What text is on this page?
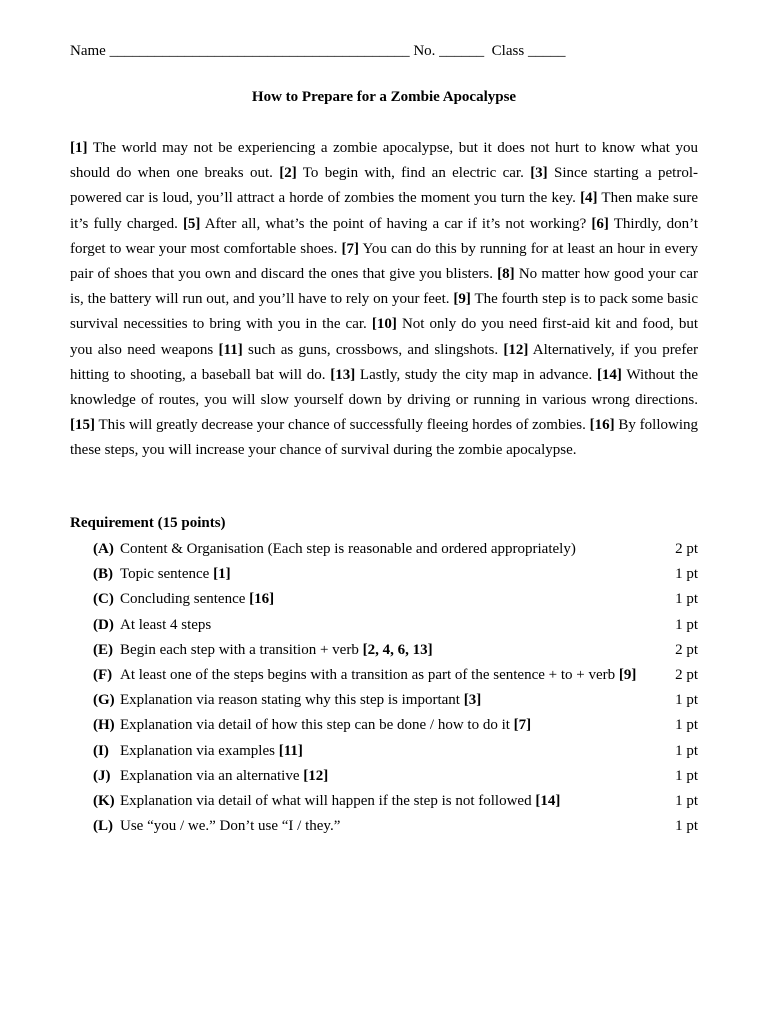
Name ________________________________________ No. ______ Class _____
How to Prepare for a Zombie Apocalypse

[1] The world may not be experiencing a zombie apocalypse, but it does not hurt to know what you should do when one breaks out. [2] To begin with, find an electric car. [3] Since starting a petrol-powered car is loud, you’ll attract a horde of zombies the moment you turn the key. [4] Then make sure it’s fully charged. [5] After all, what’s the point of having a car if it’s not working? [6] Thirdly, don’t forget to wear your most comfortable shoes. [7] You can do this by running for at least an hour in every pair of shoes that you own and discard the ones that give you blisters. [8] No matter how good your car is, the battery will run out, and you’ll have to rely on your feet. [9] The fourth step is to pack some basic survival necessities to bring with you in the car. [10] Not only do you need first-aid kit and food, but you also need weapons [11] such as guns, crossbows, and slingshots. [12] Alternatively, if you prefer hitting to shooting, a baseball bat will do. [13] Lastly, study the city map in advance. [14] Without the knowledge of routes, you will slow yourself down by driving or running in various wrong directions. [15] This will greatly decrease your chance of successfully fleeing hordes of zombies. [16] By following these steps, you will increase your chance of survival during the zombie apocalypse.

Requirement (15 points)
(A) Content & Organisation (Each step is reasonable and ordered appropriately)	2 pt
(B) Topic sentence [1]	1 pt
(C) Concluding sentence [16]	1 pt
(D) At least 4 steps	1 pt
(E) Begin each step with a transition + verb [2, 4, 6, 13]	2 pt
(F) At least one of the steps begins with a transition as part of the sentence + to + verb [9]	2 pt
(G) Explanation via reason stating why this step is important [3]	1 pt
(H) Explanation via detail of how this step can be done / how to do it [7]	1 pt
(I) Explanation via examples [11]	1 pt
(J) Explanation via an alternative [12]	1 pt
(K) Explanation via detail of what will happen if the step is not followed [14]	1 pt
(L) Use “you / we.” Don’t use “I / they.”	1 pt
